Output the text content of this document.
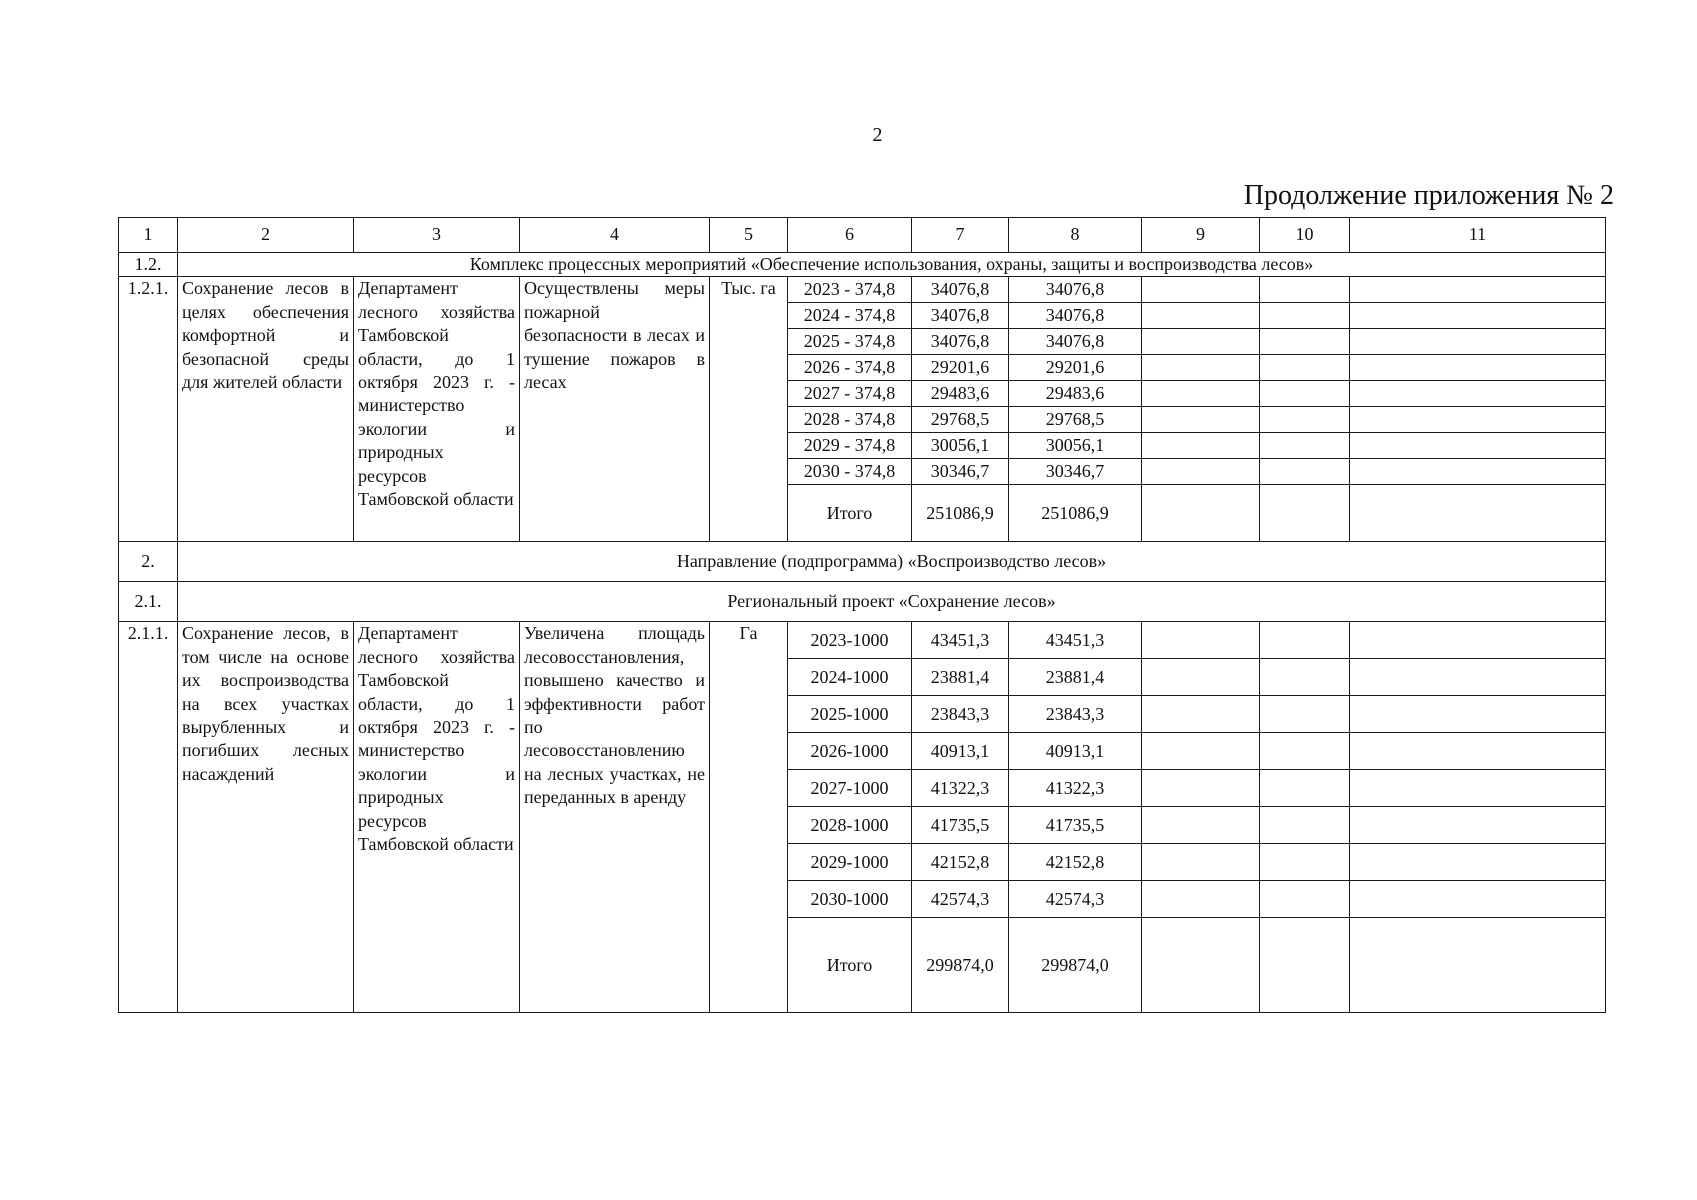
2
Продолжение приложения № 2
1	2	3	4	5	6	7	8	9	10	11
1.2.	Комплекс процессных мероприятий «Обеспечение использования, охраны, защиты и воспроизводства лесов»									
1.2.1.	Сохранение лесов в целях обеспечения комфортной и безопасной среды для жителей области	Департамент лесного хозяйства Тамбовской области, до 1 октября 2023 г. - министерство экологии и природных ресурсов Тамбовской области	Осуществлены меры пожарной безопасности в лесах и тушение пожаров в лесах	Тыс. га	2023 - 374,8	34076,8	34076,8			
					2024 - 374,8	34076,8	34076,8			
					2025 - 374,8	34076,8	34076,8			
					2026 - 374,8	29201,6	29201,6			
					2027 - 374,8	29483,6	29483,6			
					2028 - 374,8	29768,5	29768,5			
					2029 - 374,8	30056,1	30056,1			
					2030 - 374,8	30346,7	30346,7			
					Итого	251086,9	251086,9			
2.	Направление (подпрограмма) «Воспроизводство лесов»									
2.1.	Региональный проект «Сохранение лесов»									
2.1.1.	Сохранение лесов, в том числе на основе их воспроизводства на всех участках вырубленных и погибших лесных насаждений	Департамент лесного хозяйства Тамбовской области, до 1 октября 2023 г. - министерство экологии и природных ресурсов Тамбовской области	Увеличена площадь лесовосстановления, повышено качество и эффективности работ по лесовосстановлению на лесных участках, не переданных в аренду	Га	2023-1000	43451,3	43451,3			
					2024-1000	23881,4	23881,4			
					2025-1000	23843,3	23843,3			
					2026-1000	40913,1	40913,1			
					2027-1000	41322,3	41322,3			
					2028-1000	41735,5	41735,5			
					2029-1000	42152,8	42152,8			
					2030-1000	42574,3	42574,3			
					Итого	299874,0	299874,0			
